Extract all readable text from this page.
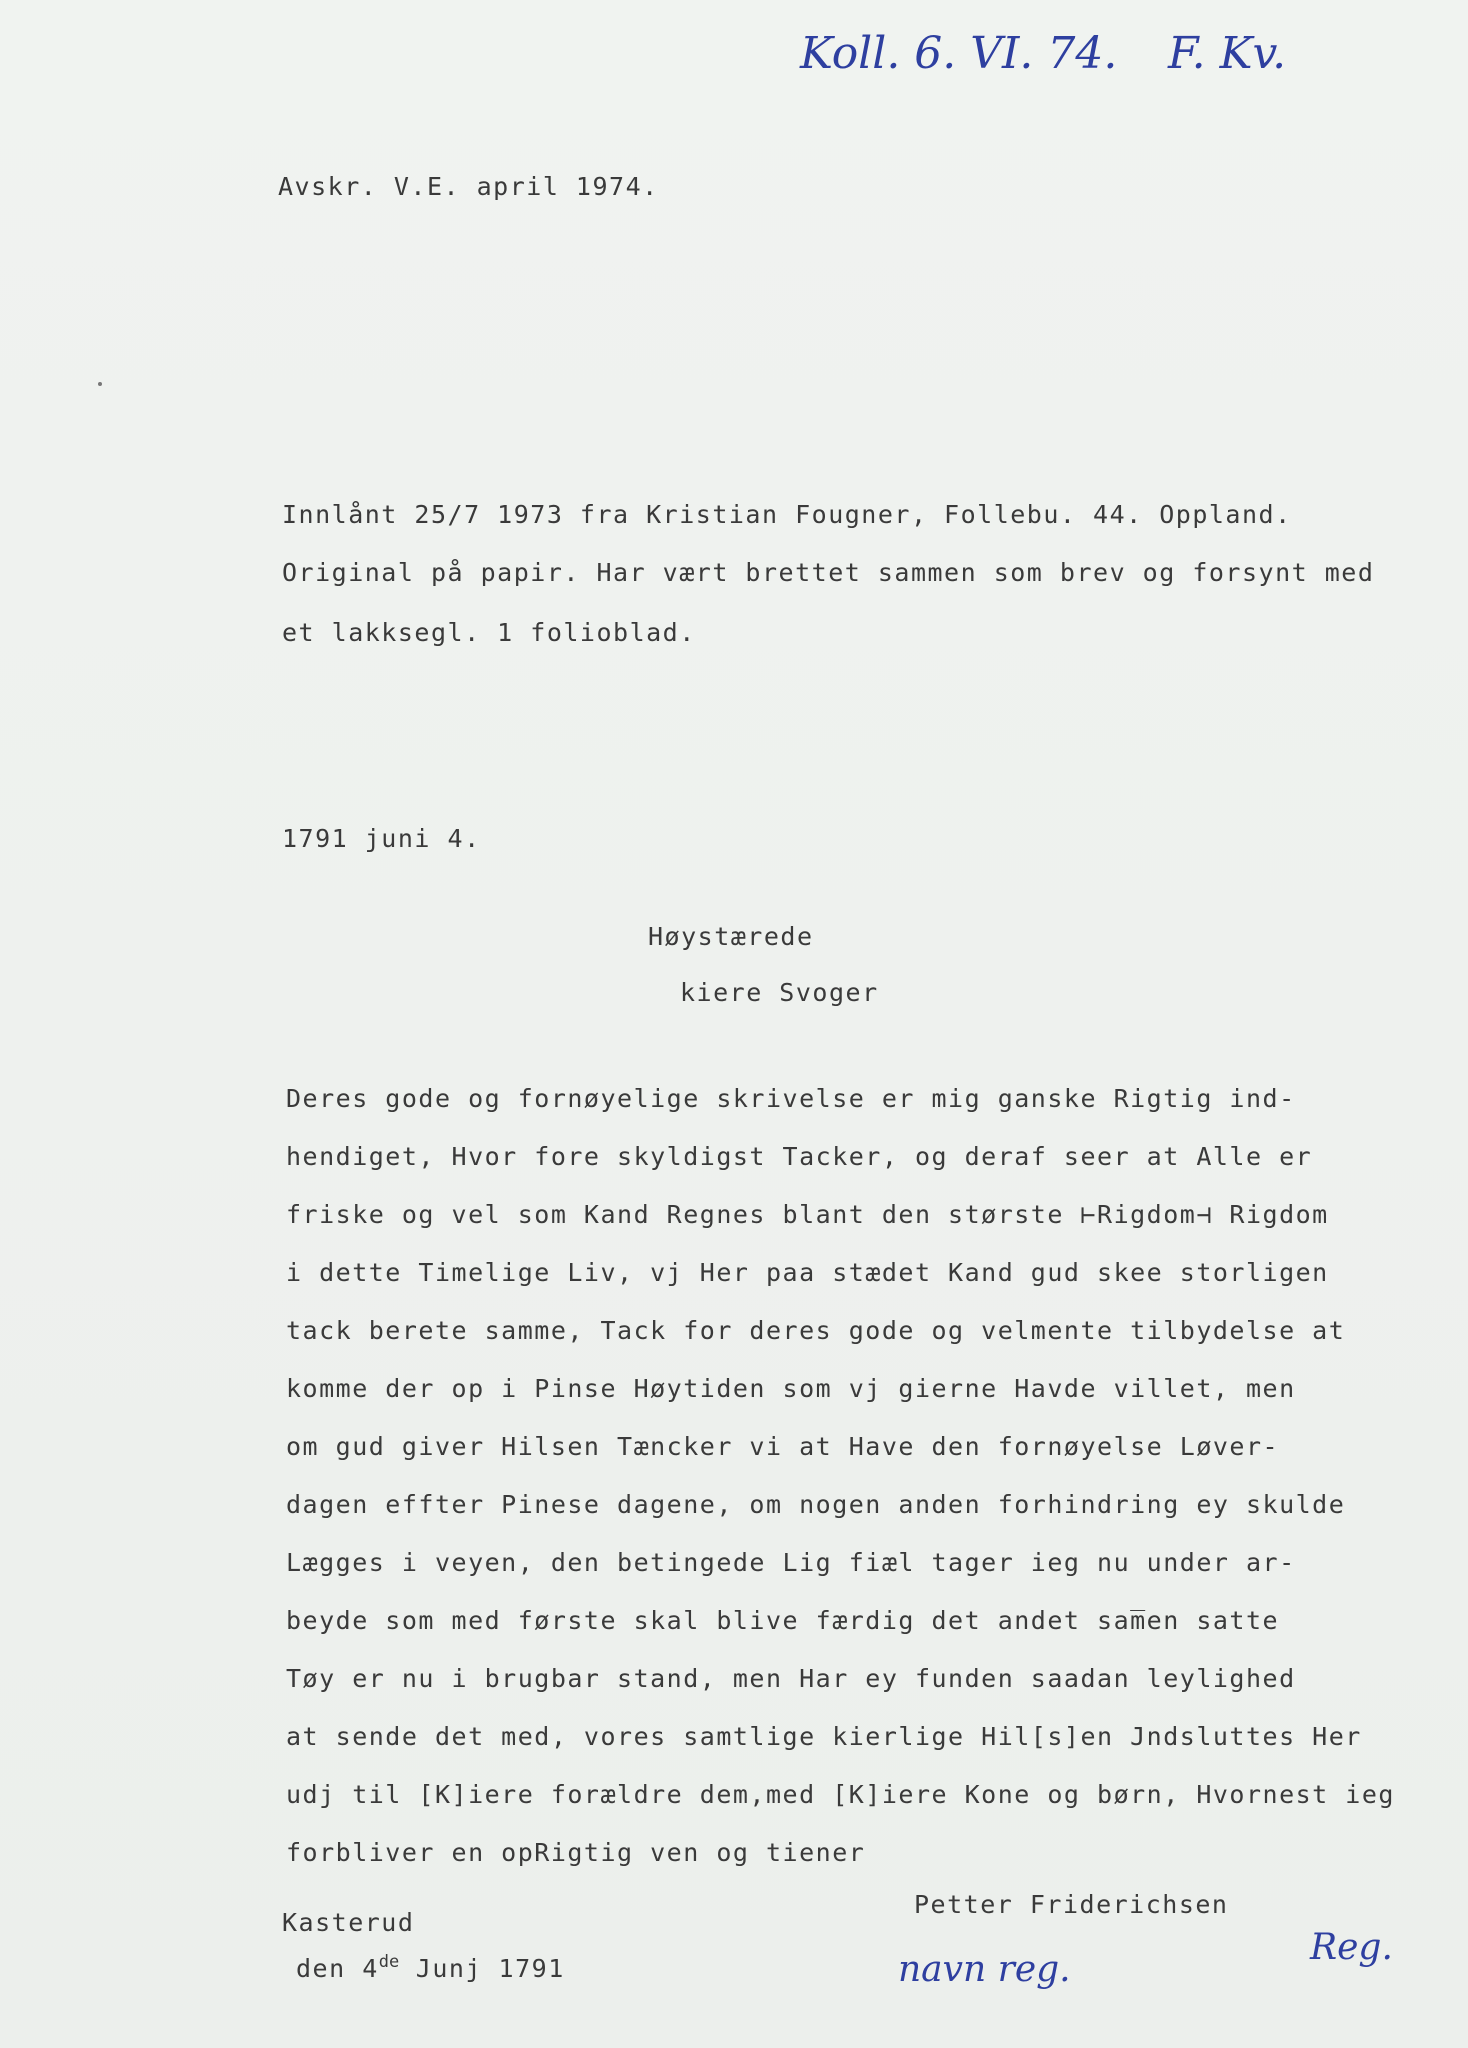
Koll. 6. VI. 74. F. Kv.
Avskr. V.E. april 1974.
Innlånt 25/7 1973 fra Kristian Fougner, Follebu. 44. Oppland.
Original på papir. Har vært brettet sammen som brev og forsynt med
et lakksegl. 1 folioblad.
1791 juni 4.
Høystærede
kiere Svoger
Deres gode og fornøyelige skrivelse er mig ganske Rigtig ind-
hendiget, Hvor fore skyldigst Tacker, og deraf seer at Alle er
friske og vel som Kand Regnes blant den største ⊢Rigdom⊣ Rigdom
i dette Timelige Liv, vj Her paa stædet Kand gud skee storligen
tack berete samme, Tack for deres gode og velmente tilbydelse at
komme der op i Pinse Høytiden som vj gierne Havde villet, men
om gud giver Hilsen Tæncker vi at Have den fornøyelse Løver-
dagen effter Pinese dagene, om nogen anden forhindring ey skulde
Lægges i veyen, den betingede Lig fiæl tager ieg nu under ar-
beyde som med første skal blive færdig det andet sam̅en satte
Tøy er nu i brugbar stand, men Har ey funden saadan leylighed
at sende det med, vores samtlige kierlige Hil[s]en Jndsluttes Her
udj til [K]iere forældre dem,med [K]iere Kone og børn, Hvornest ieg
forbliver en opRigtig ven og tiener
Petter Friderichsen
Kasterud
den 4de Junj 1791	navn reg.
Reg.
